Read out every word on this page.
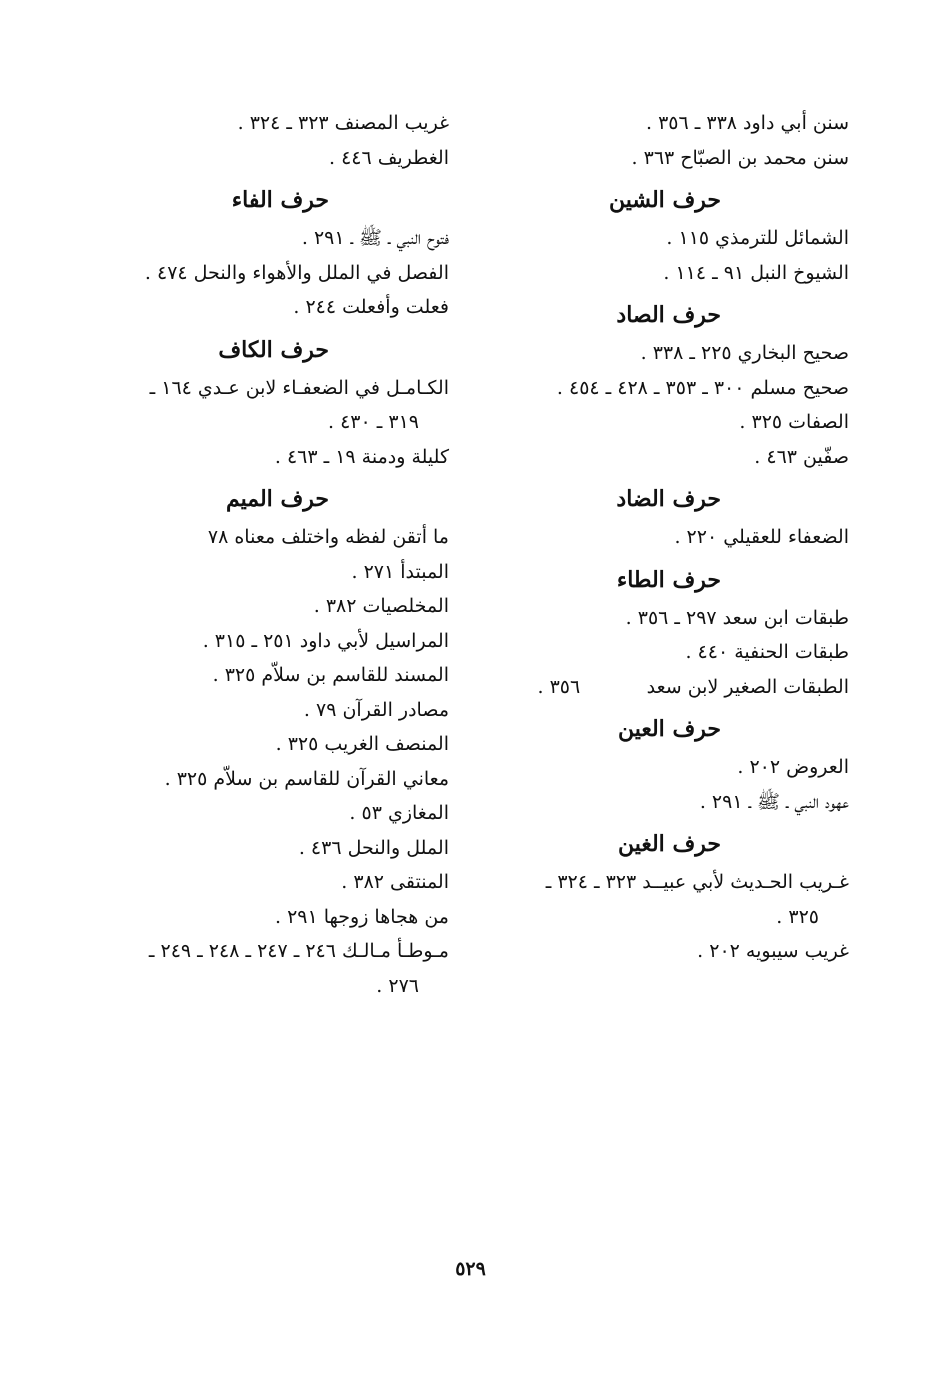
سنن أبي داود ٣٣٨ ـ ٣٥٦ .
سنن محمد بن الصبّاح ٣٦٣ .
حرف الشين
الشمائل للترمذي ١١٥ .
الشيوخ النبل ٩١ ـ ١١٤ .
حرف الصاد
صحيح البخاري ٢٢٥ ـ ٣٣٨ .
صحيح مسلم ٣٠٠ ـ ٣٥٣ ـ ٤٢٨ ـ ٤٥٤ .
الصفات ٣٢٥ .
صفّين ٤٦٣ .
حرف الضاد
الضعفاء للعقيلي ٢٢٠ .
حرف الطاء
طبقات ابن سعد ٢٩٧ ـ ٣٥٦ .
طبقات الحنفية ٤٤٠ .
الطبقات الصغير لابن سعد           ٣٥٦ .
حرف العين
العروض ٢٠٢ .
عهود النبي ـ ﷺ ـ ٢٩١ .
حرف الغين
غـريب الحـديث لأبي عبيــد ٣٢٣ ـ ٣٢٤ ـ
٣٢٥ .
غريب سيبويه ٢٠٢ .
غريب المصنف ٣٢٣ ـ ٣٢٤ .
الغطريف ٤٤٦ .
حرف الفاء
فتوح النبي ـ ﷺ ـ ٢٩١ .
الفصل في الملل والأهواء والنحل ٤٧٤ .
فعلت وأفعلت ٢٤٤ .
حرف الكاف
الكـامـل في الضعفـاء لابن عـدي ١٦٤ ـ
٣١٩ ـ ٤٣٠ .
كليلة ودمنة ١٩ ـ ٤٦٣ .
حرف الميم
ما أتقن لفظه واختلف معناه ٧٨
المبتدأ ٢٧١ .
المخلصيات ٣٨٢ .
المراسيل لأبي داود ٢٥١ ـ ٣١٥ .
المسند للقاسم بن سلاّم ٣٢٥ .
مصادر القرآن ٧٩ .
المنصف الغريب ٣٢٥ .
معاني القرآن للقاسم بن سلاّم ٣٢٥ .
المغازي ٥٣ .
الملل والنحل ٤٣٦ .
المنتقى ٣٨٢ .
من هجاها زوجها ٢٩١ .
مـوطـأ مـالـك ٢٤٦ ـ ٢٤٧ ـ ٢٤٨ ـ ٢٤٩ ـ
٢٧٦ .
٥٢٩
